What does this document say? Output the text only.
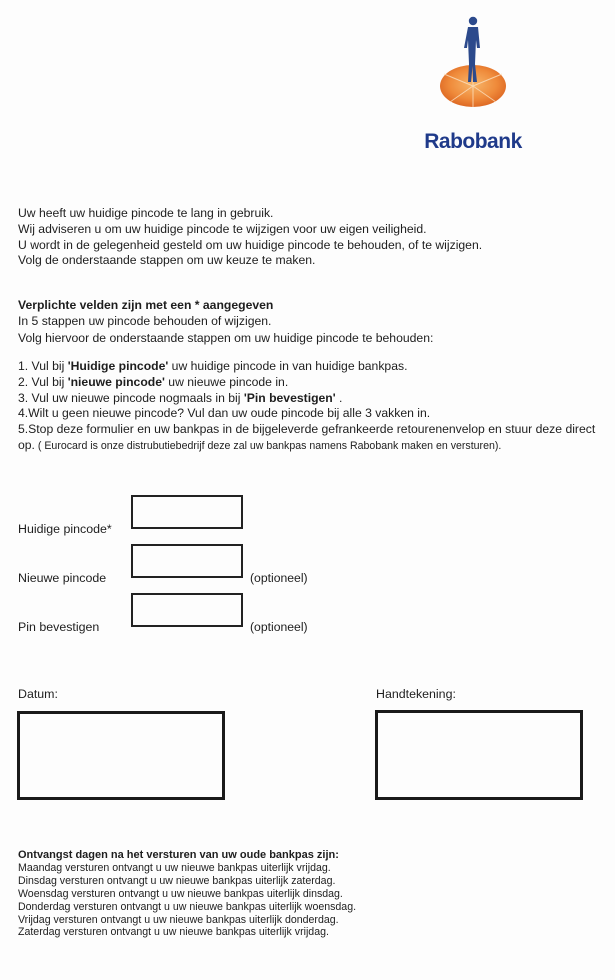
Rabobank

Uw heeft uw huidige pincode te lang in gebruik.

Wij adviseren u om uw huidige pincode te wijzigen voor uw eigen veiligheid.

U wordt in de gelegenheid gesteld om uw huidige pincode te behouden, of te wijzigen.

Volg de onderstaande stappen om uw keuze te maken.

Verplichte velden zijn met een * aangegeven

In 5 stappen uw pincode behouden of wijzigen.

Volg hiervoor de onderstaande stappen om uw huidige pincode te behouden:

1. Vul bij 'Huidige pincode' uw huidige pincode in van huidige bankpas.

2. Vul bij 'nieuwe pincode' uw nieuwe pincode in.

3. Vul uw nieuwe pincode nogmaals in bij 'Pin bevestigen' .

4.Wilt u geen nieuwe pincode? Vul dan uw oude pincode bij alle 3 vakken in.

5.Stop deze formulier en uw bankpas in de bijgeleverde gefrankeerde retourenenvelop en stuur deze direct op. ( Eurocard is onze distrubutiebedrijf deze zal uw bankpas namens Rabobank maken en versturen).

Huidige pincode*
Nieuwe pincode	(optioneel)
Pin bevestigen	(optioneel)
Datum:	Handtekening:

Ontvangst dagen na het versturen van uw oude bankpas zijn:

Maandag versturen ontvangt u uw nieuwe bankpas uiterlijk vrijdag.

Dinsdag versturen ontvangt u uw nieuwe bankpas uiterlijk zaterdag.

Woensdag versturen ontvangt u uw nieuwe bankpas uiterlijk dinsdag.

Donderdag versturen ontvangt u uw nieuwe bankpas uiterlijk woensdag.

Vrijdag versturen ontvangt u uw nieuwe bankpas uiterlijk donderdag.

Zaterdag versturen ontvangt u uw nieuwe bankpas uiterlijk vrijdag.
